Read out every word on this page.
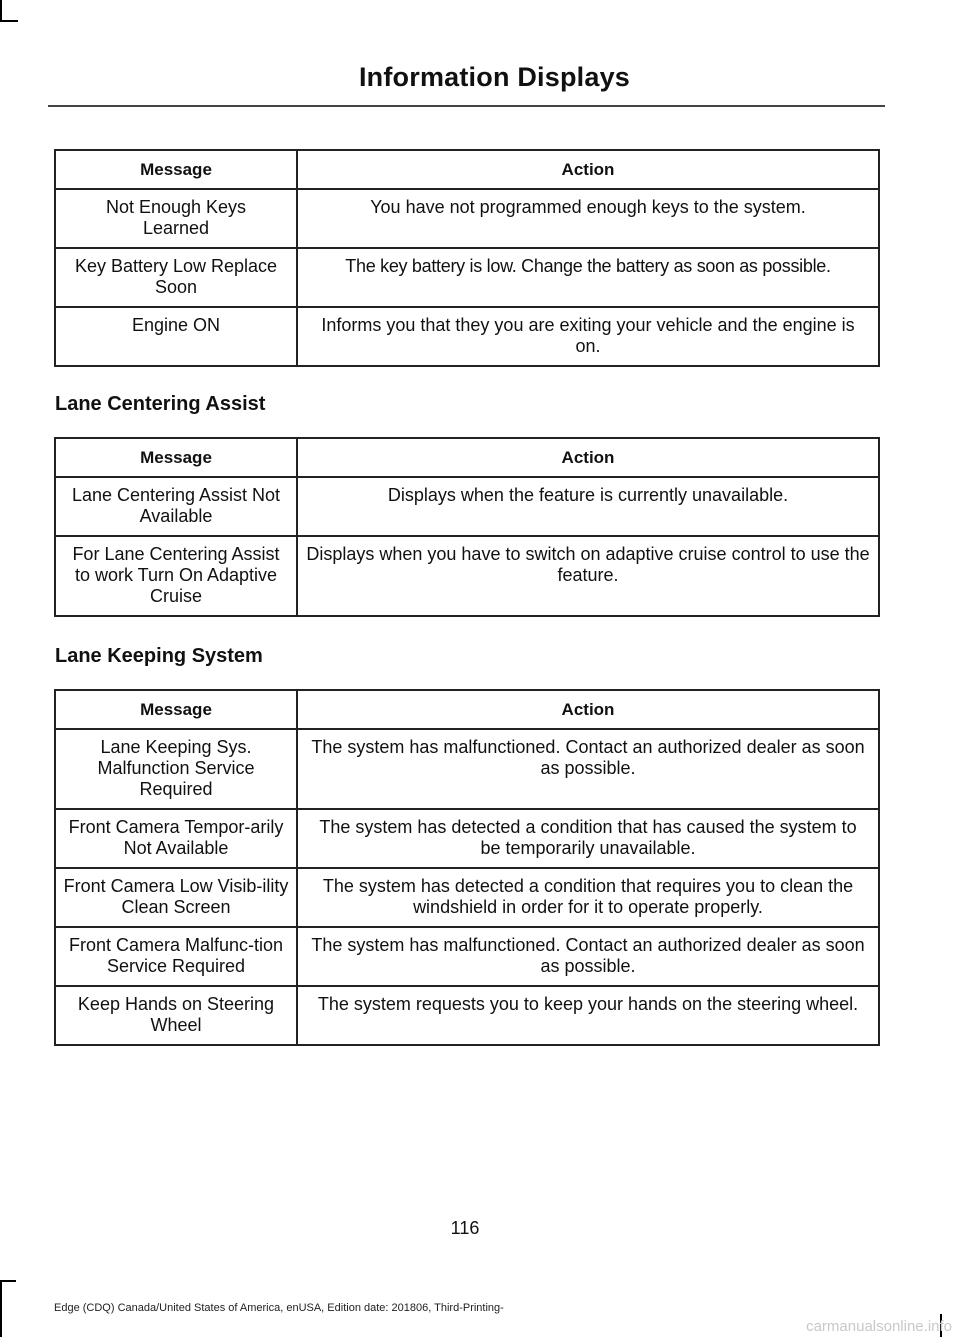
Information Displays
Message	Action
Not Enough Keys Learned	You have not programmed enough keys to the system.
Key Battery Low Replace Soon	The key battery is low. Change the battery as soon as possible.
Engine ON	Informs you that they you are exiting your vehicle and the engine is on.
Lane Centering Assist
Message	Action
Lane Centering Assist Not Available	Displays when the feature is currently unavailable.
For Lane Centering Assist to work Turn On Adaptive Cruise	Displays when you have to switch on adaptive cruise control to use the feature.
Lane Keeping System
Message	Action
Lane Keeping Sys. Malfunction Service Required	The system has malfunctioned. Contact an authorized dealer as soon as possible.
Front Camera Tempor-arily Not Available	The system has detected a condition that has caused the system to be temporarily unavailable.
Front Camera Low Visib-ility Clean Screen	The system has detected a condition that requires you to clean the windshield in order for it to operate properly.
Front Camera Malfunc-tion Service Required	The system has malfunctioned. Contact an authorized dealer as soon as possible.
Keep Hands on Steering Wheel	The system requests you to keep your hands on the steering wheel.
116
Edge (CDQ) Canada/United States of America, enUSA, Edition date: 201806, Third-Printing-
carmanualsonline.info
